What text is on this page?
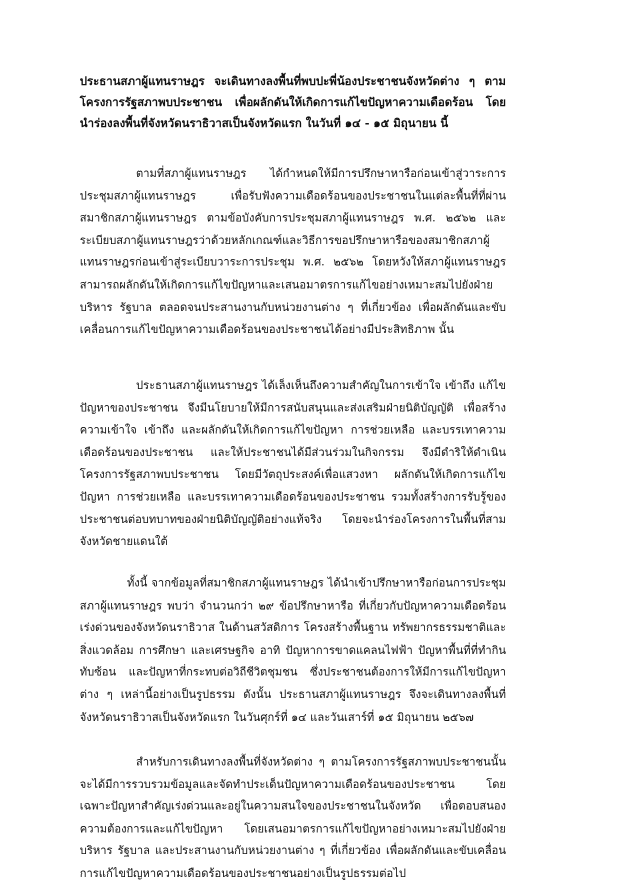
ประธานสภาผู้แทนราษฎร จะเดินทางลงพื้นที่พบปะพี่น้องประชาชนจังหวัดต่าง ๆ ตามโครงการรัฐสภาพบประชาชน เพื่อผลักดันให้เกิดการแก้ไขปัญหาความเดือดร้อน โดยนำร่องลงพื้นที่จังหวัดนราธิวาสเป็นจังหวัดแรก ในวันที่ ๑๔ - ๑๕ มิถุนายน นี้

ตามที่สภาผู้แทนราษฎร ได้กำหนดให้มีการปรึกษาหารือก่อนเข้าสู่วาระการประชุมสภาผู้แทนราษฎร เพื่อรับฟังความเดือดร้อนของประชาชนในแต่ละพื้นที่ที่ผ่านสมาชิกสภาผู้แทนราษฎร ตามข้อบังคับการประชุมสภาผู้แทนราษฎร พ.ศ. ๒๕๖๒ และระเบียบสภาผู้แทนราษฎรว่าด้วยหลักเกณฑ์และวิธีการขอปรึกษาหารือของสมาชิกสภาผู้แทนราษฎรก่อนเข้าสู่ระเบียบวาระการประชุม พ.ศ. ๒๕๖๒ โดยหวังให้สภาผู้แทนราษฎรสามารถผลักดันให้เกิดการแก้ไขปัญหาและเสนอมาตรการแก้ไขอย่างเหมาะสมไปยังฝ่ายบริหาร รัฐบาล ตลอดจนประสานงานกับหน่วยงานต่าง ๆ ที่เกี่ยวข้อง เพื่อผลักดันและขับเคลื่อนการแก้ไขปัญหาความเดือดร้อนของประชาชนได้อย่างมีประสิทธิภาพ นั้น

ประธานสภาผู้แทนราษฎร ได้เล็งเห็นถึงความสำคัญในการเข้าใจ เข้าถึง แก้ไขปัญหาของประชาชน จึงมีนโยบายให้มีการสนับสนุนและส่งเสริมฝ่ายนิติบัญญัติ เพื่อสร้างความเข้าใจ เข้าถึง และผลักดันให้เกิดการแก้ไขปัญหา การช่วยเหลือ และบรรเทาความเดือดร้อนของประชาชน และให้ประชาชนได้มีส่วนร่วมในกิจกรรม จึงมีดำริให้ดำเนินโครงการรัฐสภาพบประชาชน โดยมีวัตถุประสงค์เพื่อแสวงหา ผลักดันให้เกิดการแก้ไขปัญหา การช่วยเหลือ และบรรเทาความเดือดร้อนของประชาชน รวมทั้งสร้างการรับรู้ของประชาชนต่อบทบาทของฝ่ายนิติบัญญัติอย่างแท้จริง โดยจะนำร่องโครงการในพื้นที่สามจังหวัดชายแดนใต้

ทั้งนี้ จากข้อมูลที่สมาชิกสภาผู้แทนราษฎร ได้นำเข้าปรึกษาหารือก่อนการประชุมสภาผู้แทนราษฎร พบว่า จำนวนกว่า ๒๙ ข้อปรึกษาหารือ ที่เกี่ยวกับปัญหาความเดือดร้อนเร่งด่วนของจังหวัดนราธิวาส ในด้านสวัสดิการ โครงสร้างพื้นฐาน ทรัพยากรธรรมชาติและสิ่งแวดล้อม การศึกษา และเศรษฐกิจ อาทิ ปัญหาการขาดแคลนไฟฟ้า ปัญหาพื้นที่ที่ทำกินทับซ้อน และปัญหาที่กระทบต่อวิถีชีวิตชุมชน ซึ่งประชาชนต้องการให้มีการแก้ไขปัญหาต่าง ๆ เหล่านี้อย่างเป็นรูปธรรม ดังนั้น ประธานสภาผู้แทนราษฎร จึงจะเดินทางลงพื้นที่จังหวัดนราธิวาสเป็นจังหวัดแรก ในวันศุกร์ที่ ๑๔ และวันเสาร์ที่ ๑๕ มิถุนายน ๒๕๖๗

สำหรับการเดินทางลงพื้นที่จังหวัดต่าง ๆ ตามโครงการรัฐสภาพบประชาชนนั้น จะได้มีการรวบรวมข้อมูลและจัดทำประเด็นปัญหาความเดือดร้อนของประชาชน โดยเฉพาะปัญหาสำคัญเร่งด่วนและอยู่ในความสนใจของประชาชนในจังหวัด เพื่อตอบสนองความต้องการและแก้ไขปัญหา โดยเสนอมาตรการแก้ไขปัญหาอย่างเหมาะสมไปยังฝ่ายบริหาร รัฐบาล และประสานงานกับหน่วยงานต่าง ๆ ที่เกี่ยวข้อง เพื่อผลักดันและขับเคลื่อนการแก้ไขปัญหาความเดือดร้อนของประชาชนอย่างเป็นรูปธรรมต่อไป
